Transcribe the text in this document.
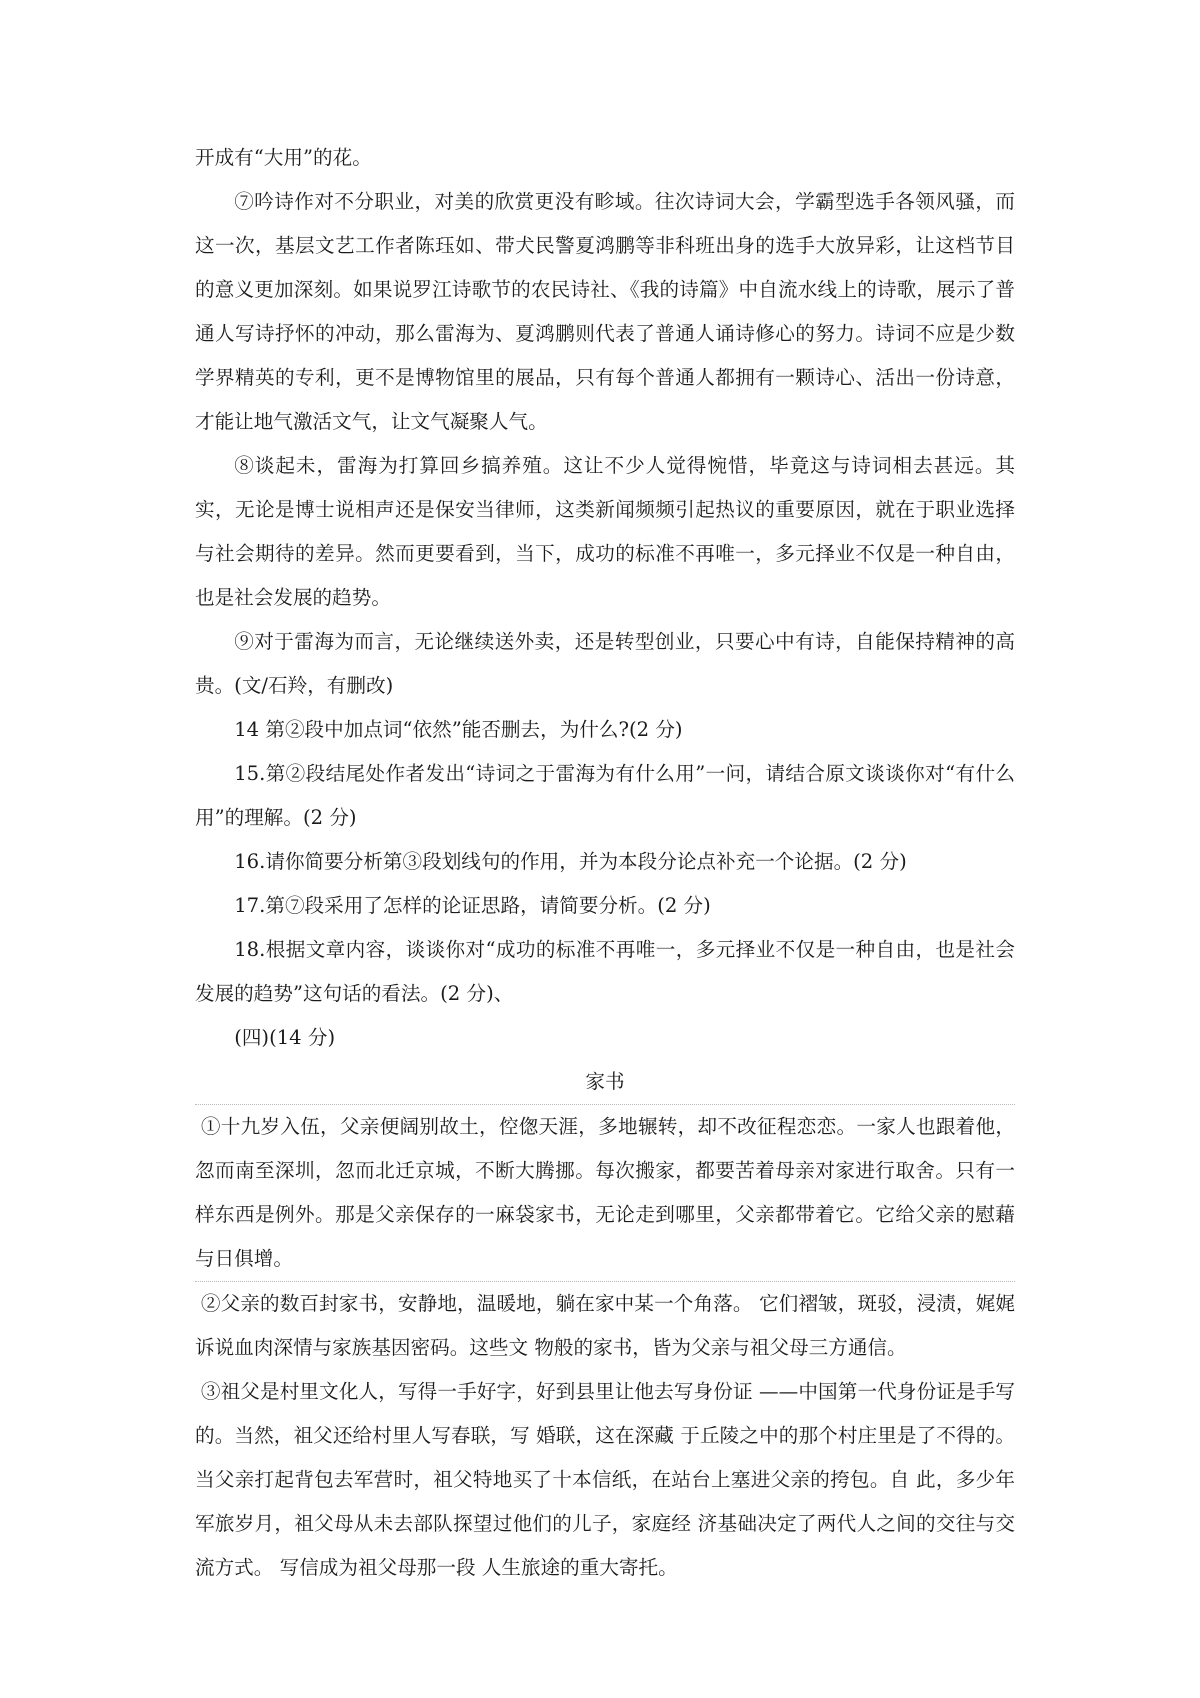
开成有“大用”的花。

⑦吟诗作对不分职业，对美的欣赏更没有畛域。往次诗词大会，学霸型选手各领风骚，而这一次，基层文艺工作者陈珏如、带犬民警夏鸿鹏等非科班出身的选手大放异彩，让这档节目的意义更加深刻。如果说罗江诗歌节的农民诗社、《我的诗篇》中自流水线上的诗歌，展示了普通人写诗抒怀的冲动，那么雷海为、夏鸿鹏则代表了普通人诵诗修心的努力。诗词不应是少数学界精英的专利，更不是博物馆里的展品，只有每个普通人都拥有一颗诗心、活出一份诗意，才能让地气激活文气，让文气凝聚人气。

⑧谈起未，雷海为打算回乡搞养殖。这让不少人觉得惋惜，毕竟这与诗词相去甚远。其实，无论是博士说相声还是保安当律师，这类新闻频频引起热议的重要原因，就在于职业选择与社会期待的差异。然而更要看到，当下，成功的标准不再唯一，多元择业不仅是一种自由，也是社会发展的趋势。

⑨对于雷海为而言，无论继续送外卖，还是转型创业，只要心中有诗，自能保持精神的高贵。(文/石羚，有删改)

14 第②段中加点词“依然”能否删去，为什么?(2 分)

15.第②段结尾处作者发出“诗词之于雷海为有什么用”一问，请结合原文谈谈你对“有什么用”的理解。(2 分)

16.请你简要分析第③段划线句的作用，并为本段分论点补充一个论据。(2 分)

17.第⑦段采用了怎样的论证思路，请简要分析。(2 分)

18.根据文章内容，谈谈你对“成功的标准不再唯一，多元择业不仅是一种自由，也是社会发展的趋势”这句话的看法。(2 分)、

(四)(14 分)

家书

①十九岁入伍，父亲便阔别故土，倥偬天涯，多地辗转，却不改征程恋恋。一家人也跟着他，忽而南至深圳，忽而北迁京城，不断大腾挪。每次搬家，都要苦着母亲对家进行取舍。只有一样东西是例外。那是父亲保存的一麻袋家书，无论走到哪里，父亲都带着它。它给父亲的慰藉与日俱增。

②父亲的数百封家书，安静地，温暖地，躺在家中某一个角落。 它们褶皱，斑驳，浸渍，娓娓诉说血肉深情与家族基因密码。这些文 物般的家书，皆为父亲与祖父母三方通信。

③祖父是村里文化人，写得一手好字，好到县里让他去写身份证 ——中国第一代身份证是手写的。当然，祖父还给村里人写春联，写 婚联，这在深藏 于丘陵之中的那个村庄里是了不得的。当父亲打起背包去军营时，祖父特地买了十本信纸，在站台上塞进父亲的挎包。自 此，多少年军旅岁月，祖父母从未去部队探望过他们的儿子，家庭经 济基础决定了两代人之间的交往与交流方式。 写信成为祖父母那一段 人生旅途的重大寄托。
